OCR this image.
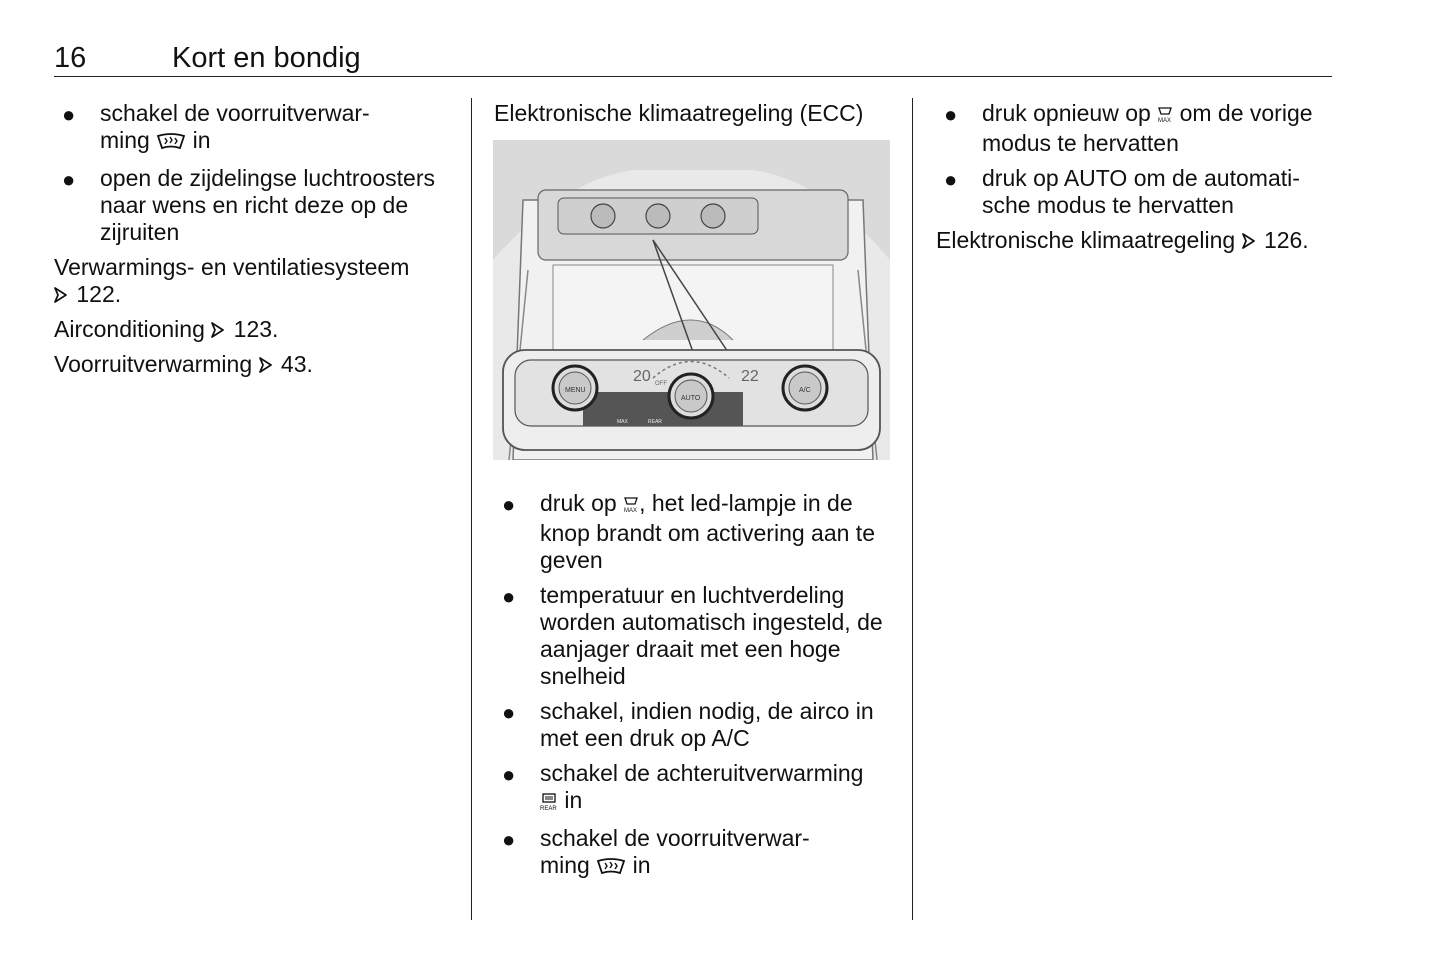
16	Kort en bondig
● schakel de voorruitverwar-
ming in
● open de zijdelingse luchtroosters naar wens en richt deze op de zijruiten

Verwarmings- en ventilatiesysteem
122.

Airconditioning 123.

Voorruitverwarming 43.

Elektronische klimaatregeling (ECC)

20	22
MENU
AUTO
A/C
OFF
MAX	REAR
● druk op MAX , het led-lampje in de knop brandt om activering aan te geven
● temperatuur en luchtverdeling worden automatisch ingesteld, de aanjager draait met een hoge snelheid
● schakel, indien nodig, de airco in met een druk op A/C
● schakel de achteruitverwarming

REAR in
● schakel de voorruitverwar-
ming in
● druk opnieuw op MAX om de vorige modus te hervatten
● druk op AUTO om de automati- sche modus te hervatten

Elektronische klimaatregeling 126.
